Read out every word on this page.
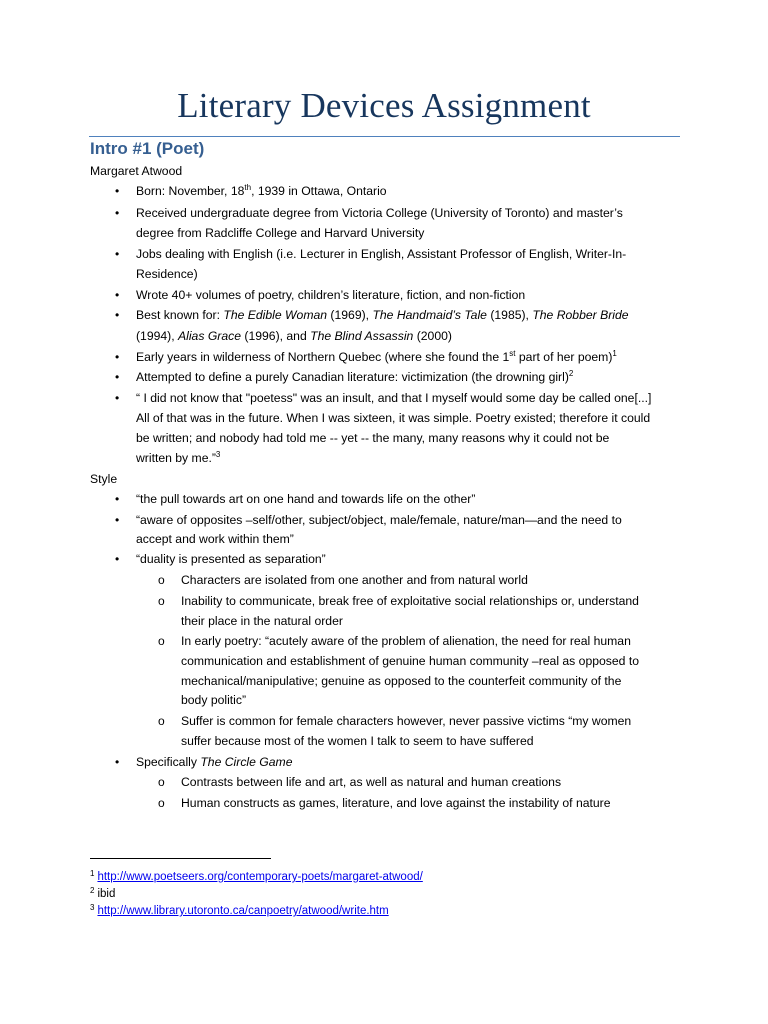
Literary Devices Assignment
Intro #1 (Poet)
Margaret Atwood
• Born: November, 18th, 1939 in Ottawa, Ontario
• Received undergraduate degree from Victoria College (University of Toronto) and master’s
degree from Radcliffe College and Harvard University
• Jobs dealing with English (i.e. Lecturer in English, Assistant Professor of English, Writer-In-
Residence)
• Wrote 40+ volumes of poetry, children’s literature, fiction, and non-fiction
• Best known for: The Edible Woman (1969), The Handmaid’s Tale (1985), The Robber Bride
(1994), Alias Grace (1996), and The Blind Assassin (2000)
• Early years in wilderness of Northern Quebec (where she found the 1st part of her poem)$^1$
• Attempted to define a purely Canadian literature: victimization (the drowning girl)$^2$
• “ I did not know that "poetess" was an insult, and that I myself would some day be called one[...]
All of that was in the future. When I was sixteen, it was simple. Poetry existed; therefore it could
be written; and nobody had told me -- yet -- the many, many reasons why it could not be
written by me.”$^3$
Style
• “the pull towards art on one hand and towards life on the other”
• “aware of opposites –self/other, subject/object, male/female, nature/man—and the need to
accept and work within them”
• “duality is presented as separation”
o Characters are isolated from one another and from natural world
o Inability to communicate, break free of exploitative social relationships or, understand
their place in the natural order
o In early poetry: “acutely aware of the problem of alienation, the need for real human
communication and establishment of genuine human community –real as opposed to
mechanical/manipulative; genuine as opposed to the counterfeit community of the
body politic”
o Suffer is common for female characters however, never passive victims “my women
suffer because most of the women I talk to seem to have suffered
• Specifically The Circle Game
o Contrasts between life and art, as well as natural and human creations
o Human constructs as games, literature, and love against the instability of nature
$^1$ http://www.poetseers.org/contemporary-poets/margaret-atwood/
$^2$ ibid
$^3$ http://www.library.utoronto.ca/canpoetry/atwood/write.htm
